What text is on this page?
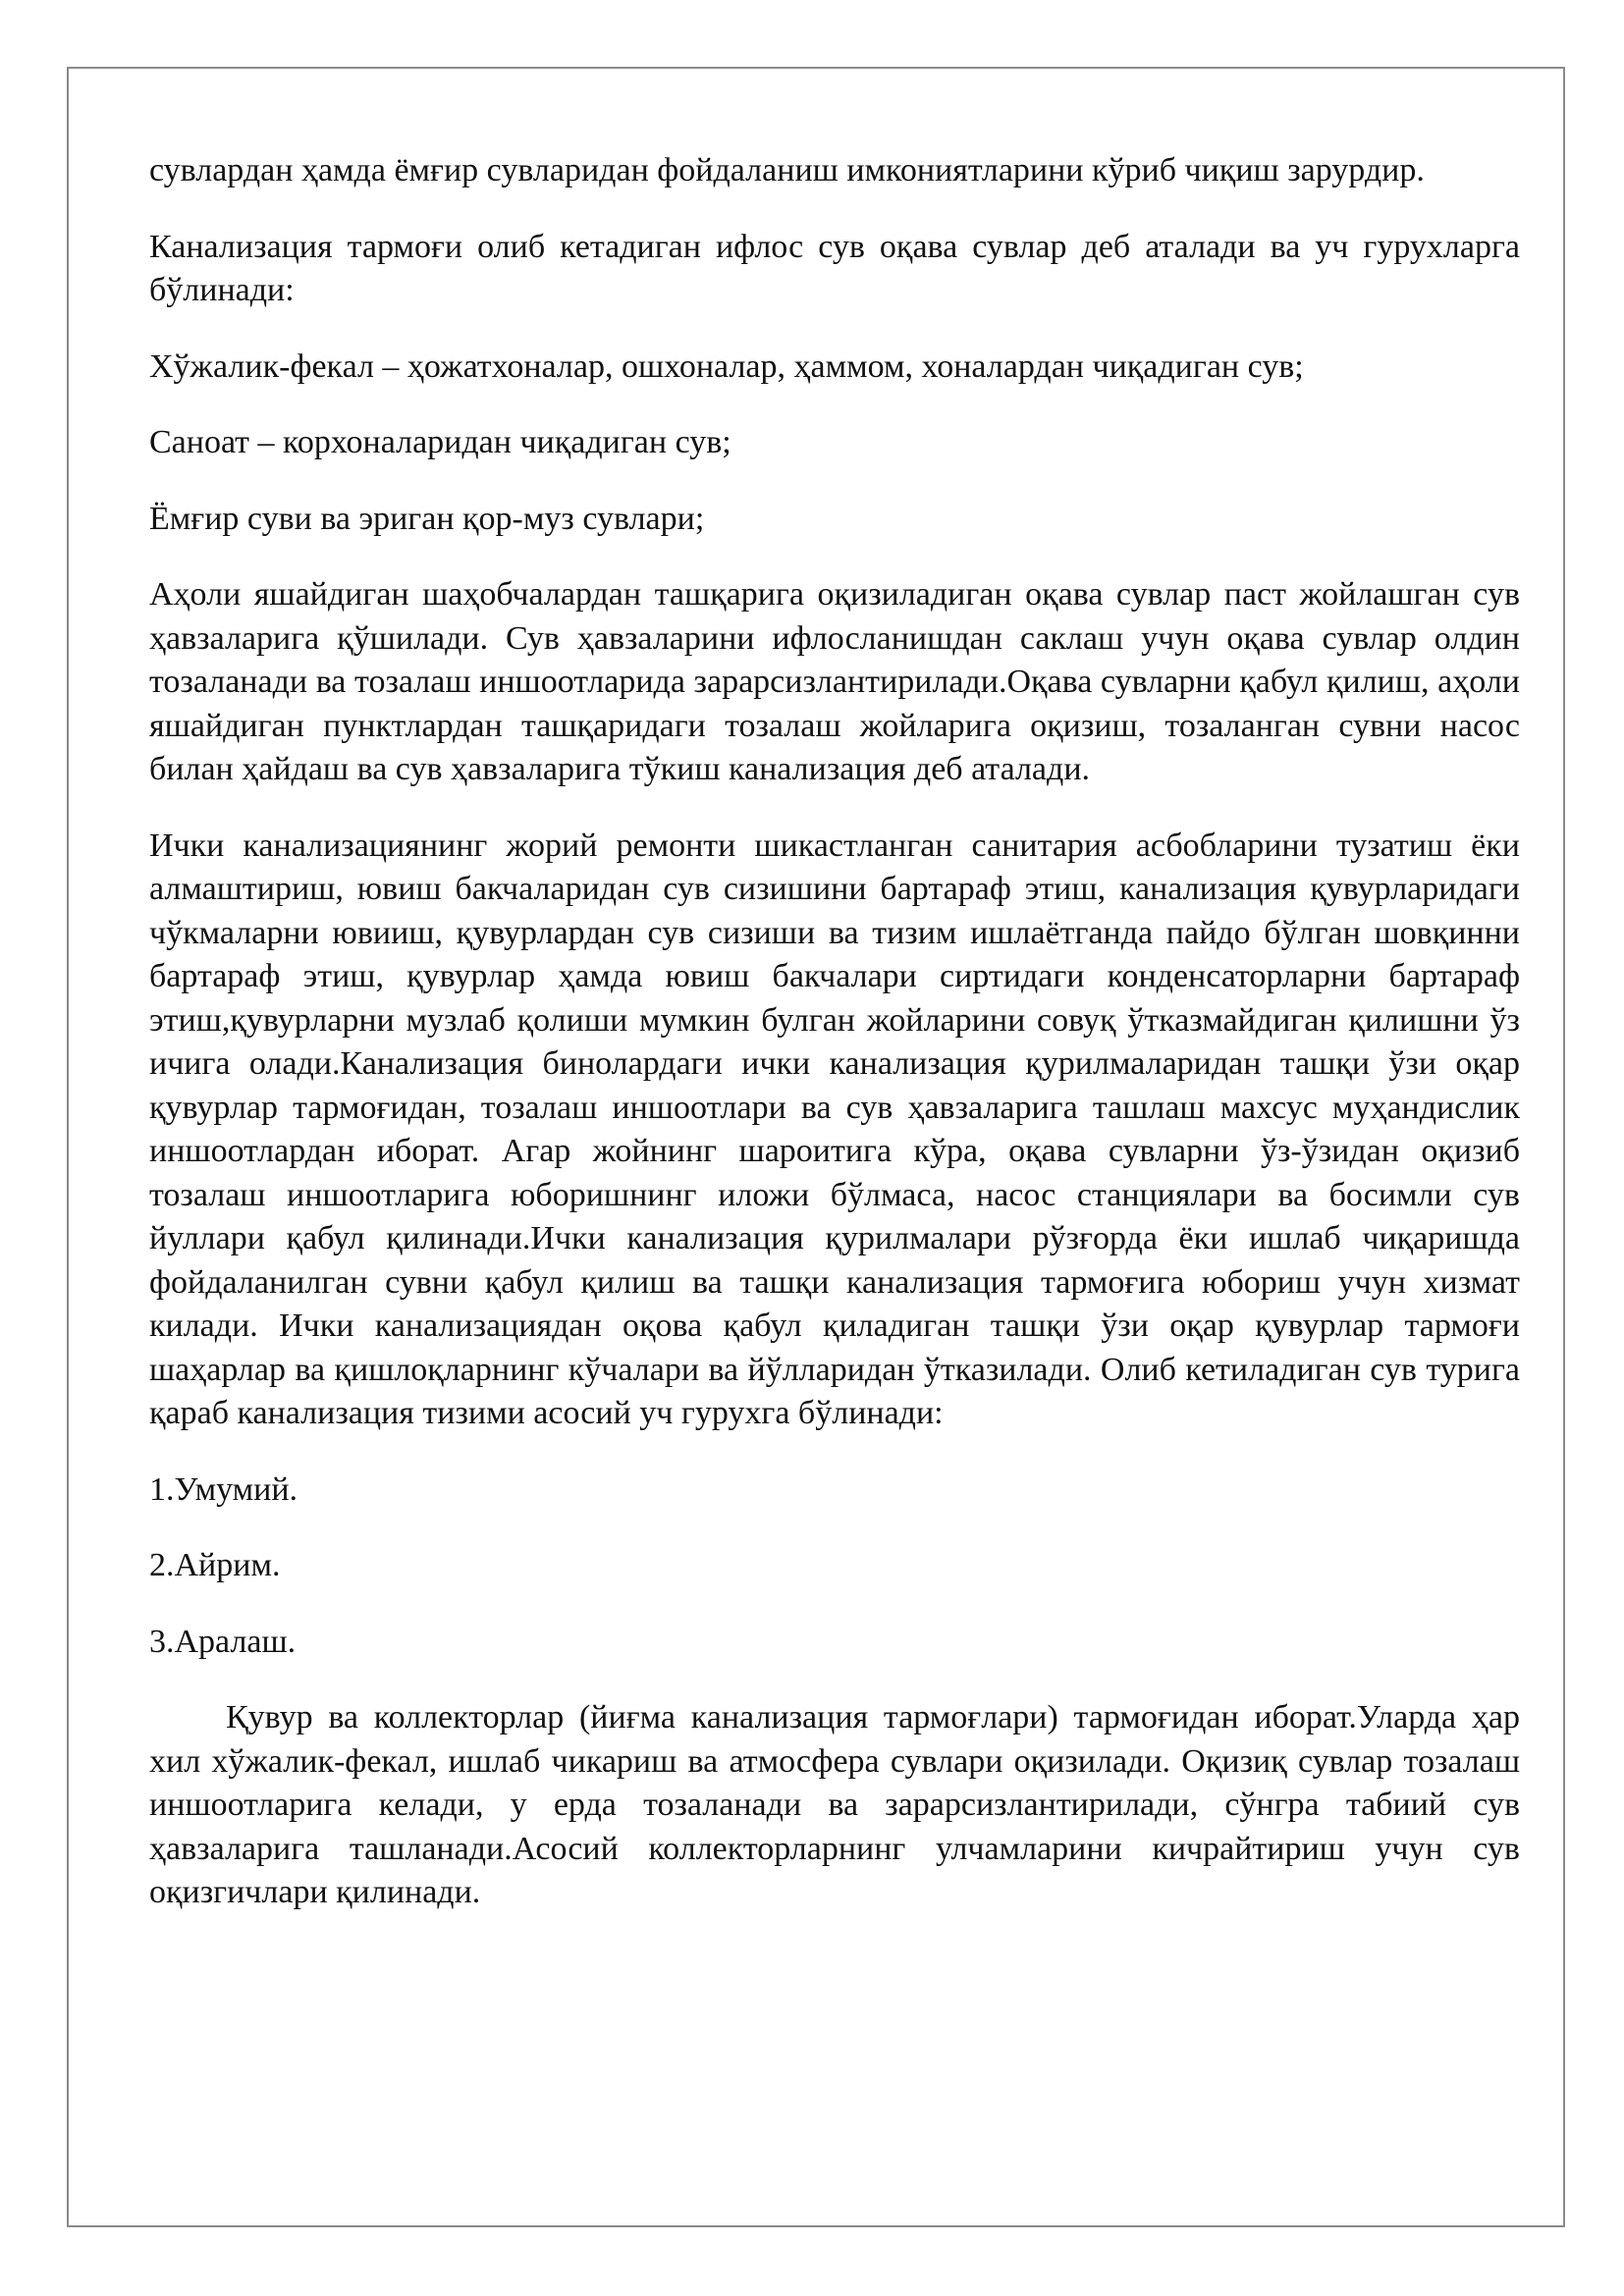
сувлардан ҳамда ёмғир сувларидан фойдаланиш имкониятларини кўриб чиқиш зарурдир.

Канализация тармоғи олиб кетадиган ифлос сув оқава сувлар деб аталади ва уч гурухларга бўлинади:

Хўжалик-фекал – ҳожатхоналар, ошхоналар, ҳаммом, хоналардан чиқадиган сув;

Саноат – корхоналаридан чиқадиган сув;

Ёмғир суви ва эриган қор-муз сувлари;

Аҳоли яшайдиган шаҳобчалардан ташқарига оқизиладиган оқава сувлар паст жойлашган сув ҳавзаларига қўшилади. Сув ҳавзаларини ифлосланишдан саклаш учун оқава сувлар олдин тозаланади ва тозалаш иншоотларида зарарсизлантирилади.Оқава сувларни қабул қилиш, аҳоли яшайдиган пунктлардан ташқаридаги тозалаш жойларига оқизиш, тозаланган сувни насос билан ҳайдаш ва сув ҳавзаларига тўкиш канализация деб аталади.

Ички канализациянинг жорий ремонти шикастланган санитария асбобларини тузатиш ёки алмаштириш, ювиш бакчаларидан сув сизишини бартараф этиш, канализация қувурларидаги чўкмаларни ювииш, қувурлардан сув сизиши ва тизим ишлаётганда пайдо бўлган шовқинни бартараф этиш, қувурлар ҳамда ювиш бакчалари сиртидаги конденсаторларни бартараф этиш,қувурларни музлаб қолиши мумкин булган жойларини совуқ ўтказмайдиган қилишни ўз ичига олади.Канализация бинолардаги ички канализация қурилмаларидан ташқи ўзи оқар қувурлар тармоғидан, тозалаш иншоотлари ва сув ҳавзаларига ташлаш махсус муҳандислик иншоотлардан иборат. Агар жойнинг шароитига кўра, оқава сувларни ўз-ўзидан оқизиб тозалаш иншоотларига юборишнинг иложи бўлмаса, насос станциялари ва босимли сув йуллари қабул қилинади.Ички канализация қурилмалари рўзғорда ёки ишлаб чиқаришда фойдаланилган сувни қабул қилиш ва ташқи канализация тармоғига юбориш учун хизмат килади. Ички канализациядан оқова қабул қиладиган ташқи ўзи оқар қувурлар тармоғи шаҳарлар ва қишлоқларнинг кўчалари ва йўлларидан ўтказилади. Олиб кетиладиган сув турига қараб канализация тизими асосий уч гурухга бўлинади:

1.Умумий.

2.Айрим.

3.Аралаш.

Қувур ва коллекторлар (йиғма канализация тармоғлари) тармоғидан иборат.Уларда ҳар хил хўжалик-фекал, ишлаб чикариш ва атмосфера сувлари оқизилади. Оқизиқ сувлар тозалаш иншоотларига келади, у ерда тозаланади ва зарарсизлантирилади, сўнгра табиий сув ҳавзаларига ташланади.Асосий коллекторларнинг улчамларини кичрайтириш учун сув оқизгичлари қилинади.
